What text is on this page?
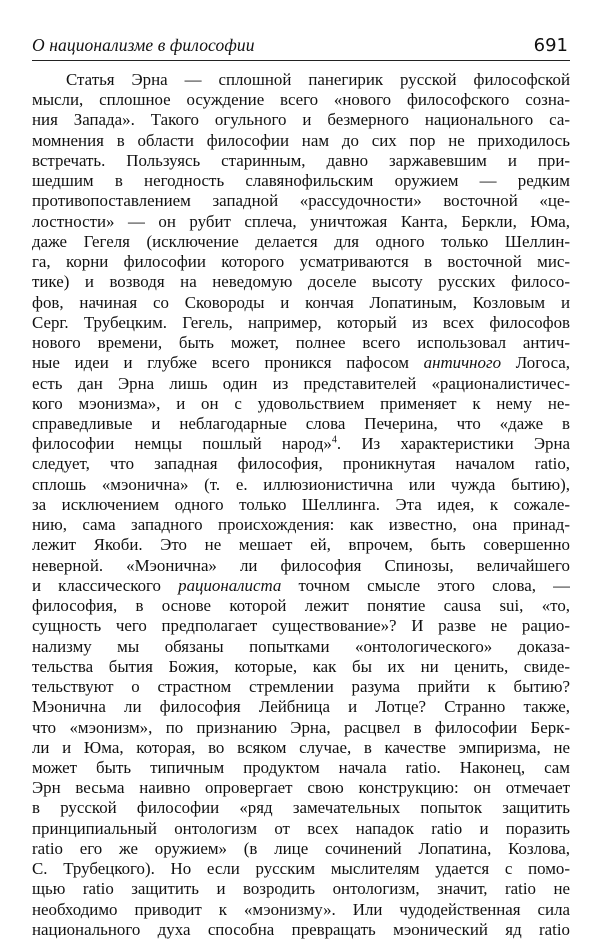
О национализме в философии	691
Статья Эрна — сплошной панегирик русской философской
мысли, сплошное осуждение всего «нового философского созна-
ния Запада». Такого огульного и безмерного национального са-
момнения в области философии нам до сих пор не приходилось
встречать. Пользуясь старинным, давно заржавевшим и при-
шедшим в негодность славянофильским оружием — редким
противопоставлением западной «рассудочности» восточной «це-
лостности» — он рубит сплеча, уничтожая Канта, Беркли, Юма,
даже Гегеля (исключение делается для одного только Шеллин-
га, корни философии которого усматриваются в восточной мис-
тике) и возводя на неведомую доселе высоту русских филосо-
фов, начиная со Сковороды и кончая Лопатиным, Козловым и
Серг. Трубецким. Гегель, например, который из всех философов
нового времени, быть может, полнее всего использовал антич-
ные идеи и глубже всего проникся пафосом античного Логоса,
есть дан Эрна лишь один из представителей «рационалистичес-
кого мэонизма», и он с удовольствием применяет к нему не-
справедливые и неблагодарные слова Печерина, что «даже в
философии немцы пошлый народ»$^4$. Из характеристики Эрна
следует, что западная философия, проникнутая началом ratio,
сплошь «мэонична» (т. е. иллюзионистична или чужда бытию),
за исключением одного только Шеллинга. Эта идея, к сожале-
нию, сама западного происхождения: как известно, она принад-
лежит Якоби. Это не мешает ей, впрочем, быть совершенно
неверной. «Мэонична» ли философия Спинозы, величайшего
и классического рационалиста точном смысле этого слова, —
философия, в основе которой лежит понятие causa sui, «то,
сущность чего предполагает существование»? И разве не рацио-
нализму мы обязаны попытками «онтологического» доказа-
тельства бытия Божия, которые, как бы их ни ценить, свиде-
тельствуют о страстном стремлении разума прийти к бытию?
Мэонична ли философия Лейбница и Лотце? Странно также,
что «мэонизм», по признанию Эрна, расцвел в философии Берк-
ли и Юма, которая, во всяком случае, в качестве эмпиризма, не
может быть типичным продуктом начала ratio. Наконец, сам
Эрн весьма наивно опровергает свою конструкцию: он отмечает
в русской философии «ряд замечательных попыток защитить
принципиальный онтологизм от всех нападок ratio и поразить
ratio его же оружием» (в лице сочинений Лопатина, Козлова,
С. Трубецкого). Но если русским мыслителям удается с помо-
щью ratio защитить и возродить онтологизм, значит, ratio не
необходимо приводит к «мэонизму». Или чудодейственная сила
национального духа способна превращать мэонический яд ratio
